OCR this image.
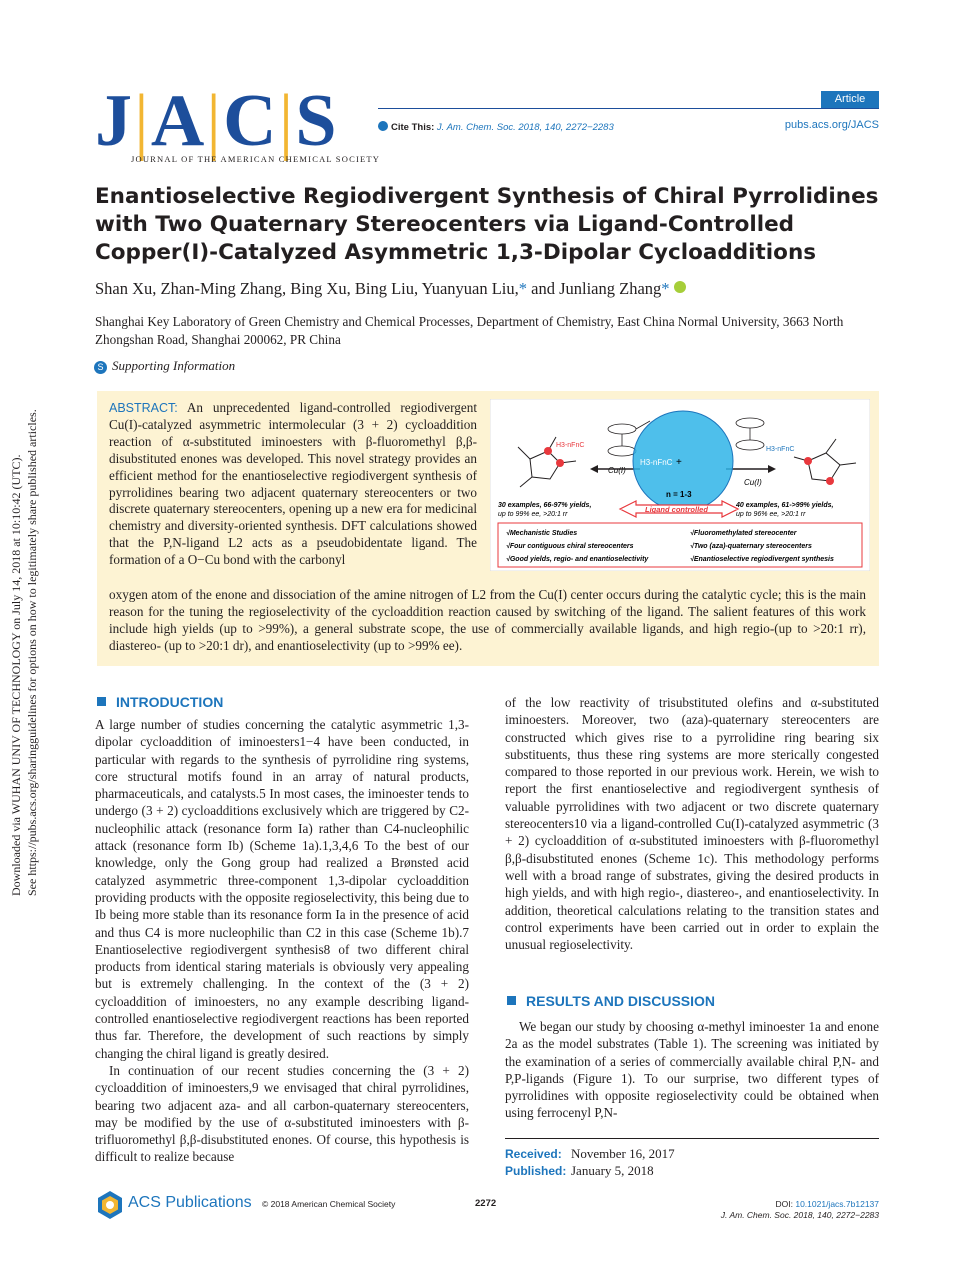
J|A|C|S
JOURNAL OF THE AMERICAN CHEMICAL SOCIETY
Article
Cite This: J. Am. Chem. Soc. 2018, 140, 2272−2283	pubs.acs.org/JACS
Enantioselective Regiodivergent Synthesis of Chiral Pyrrolidines with Two Quaternary Stereocenters via Ligand-Controlled Copper(I)-Catalyzed Asymmetric 1,3-Dipolar Cycloadditions
Shan Xu, Zhan-Ming Zhang, Bing Xu, Bing Liu, Yuanyuan Liu,* and Junliang Zhang*
Shanghai Key Laboratory of Green Chemistry and Chemical Processes, Department of Chemistry, East China Normal University, 3663 North Zhongshan Road, Shanghai 200062, PR China
S Supporting Information
ABSTRACT: An unprecedented ligand-controlled regiodivergent Cu(I)-catalyzed asymmetric intermolecular (3 + 2) cycloaddition reaction of α-substituted iminoesters with β-fluoromethyl β,β-disubstituted enones was developed. This novel strategy provides an efficient method for the enantioselective regiodivergent synthesis of pyrrolidines bearing two adjacent quaternary stereocenters or two discrete quaternary stereocenters, opening up a new era for medicinal chemistry and diversity-oriented synthesis. DFT calculations showed that the P,N-ligand L2 acts as a pseudobidentate ligand. The formation of a O−Cu bond with the carbonyl
oxygen atom of the enone and dissociation of the amine nitrogen of L2 from the Cu(I) center occurs during the catalytic cycle; this is the main reason for the tuning the regioselectivity of the cycloaddition reaction caused by switching of the ligand. The salient features of this work include high yields (up to >99%), a general substrate scope, the use of commercially available ligands, and high regio-(up to >20:1 rr), diastereo- (up to >20:1 dr), and enantioselectivity (up to >99% ee).
H3-nFnC
Cu(I)
H3-nFnC +
n = 1-3
Cu(I)
H3-nFnC
30 examples, 66-97% yields,
up to 99% ee, >20:1 rr
40 examples, 61->99% yields,
up to 96% ee, >20:1 rr
Ligand controlled
√Mechanistic Studies
√Four contiguous chiral stereocenters
√Good yields, regio- and enantioselectivity
√Fluoromethylated stereocenter
√Two (aza)-quaternary stereocenters
√Enantioselective regiodivergent synthesis
INTRODUCTION

A large number of studies concerning the catalytic asymmetric 1,3-dipolar cycloaddition of iminoesters1−4 have been conducted, in particular with regards to the synthesis of pyrrolidine ring systems, core structural motifs found in an array of natural products, pharmaceuticals, and catalysts.5 In most cases, the iminoester tends to undergo (3 + 2) cycloadditions exclusively which are triggered by C2-nucleophilic attack (resonance form Ia) rather than C4-nucleophilic attack (resonance form Ib) (Scheme 1a).1,3,4,6 To the best of our knowledge, only the Gong group had realized a Brønsted acid catalyzed asymmetric three-component 1,3-dipolar cycloaddition providing products with the opposite regioselectivity, this being due to Ib being more stable than its resonance form Ia in the presence of acid and thus C4 is more nucleophilic than C2 in this case (Scheme 1b).7 Enantioselective regiodivergent synthesis8 of two different chiral products from identical staring materials is obviously very appealing but is extremely challenging. In the context of the (3 + 2) cycloaddition of iminoesters, no any example describing ligand-controlled enantioselective regiodivergent reactions has been reported thus far. Therefore, the development of such reactions by simply changing the chiral ligand is greatly desired.

In continuation of our recent studies concerning the (3 + 2) cycloaddition of iminoesters,9 we envisaged that chiral pyrrolidines, bearing two adjacent aza- and all carbon-quaternary stereocenters, may be modified by the use of α-substituted iminoesters with β-trifluoromethyl β,β-disubstituted enones. Of course, this hypothesis is difficult to realize because

of the low reactivity of trisubstituted olefins and α-substituted iminoesters. Moreover, two (aza)-quaternary stereocenters are constructed which gives rise to a pyrrolidine ring bearing six substituents, thus these ring systems are more sterically congested compared to those reported in our previous work. Herein, we wish to report the first enantioselective and regiodivergent synthesis of valuable pyrrolidines with two adjacent or two discrete quaternary stereocenters10 via a ligand-controlled Cu(I)-catalyzed asymmetric (3 + 2) cycloaddition of α-substituted iminoesters with β-fluoromethyl β,β-disubstituted enones (Scheme 1c). This methodology performs well with a broad range of substrates, giving the desired products in high yields, and with high regio-, diastereo-, and enantioselectivity. In addition, theoretical calculations relating to the transition states and control experiments have been carried out in order to explain the unusual regioselectivity.

RESULTS AND DISCUSSION

We began our study by choosing α-methyl iminoester 1a and enone 2a as the model substrates (Table 1). The screening was initiated by the examination of a series of commercially available chiral P,N- and P,P-ligands (Figure 1). To our surprise, two different types of pyrrolidines with opposite regioselectivity could be obtained when using ferrocenyl P,N-

Received: November 16, 2017
Published: January 5, 2018
ACS Publications © 2018 American Chemical Society	2272	DOI: 10.1021/jacs.7b12137
J. Am. Chem. Soc. 2018, 140, 2272−2283
Downloaded via WUHAN UNIV OF TECHNOLOGY on July 14, 2018 at 10:10:42 (UTC). See https://pubs.acs.org/sharingguidelines for options on how to legitimately share published articles.
